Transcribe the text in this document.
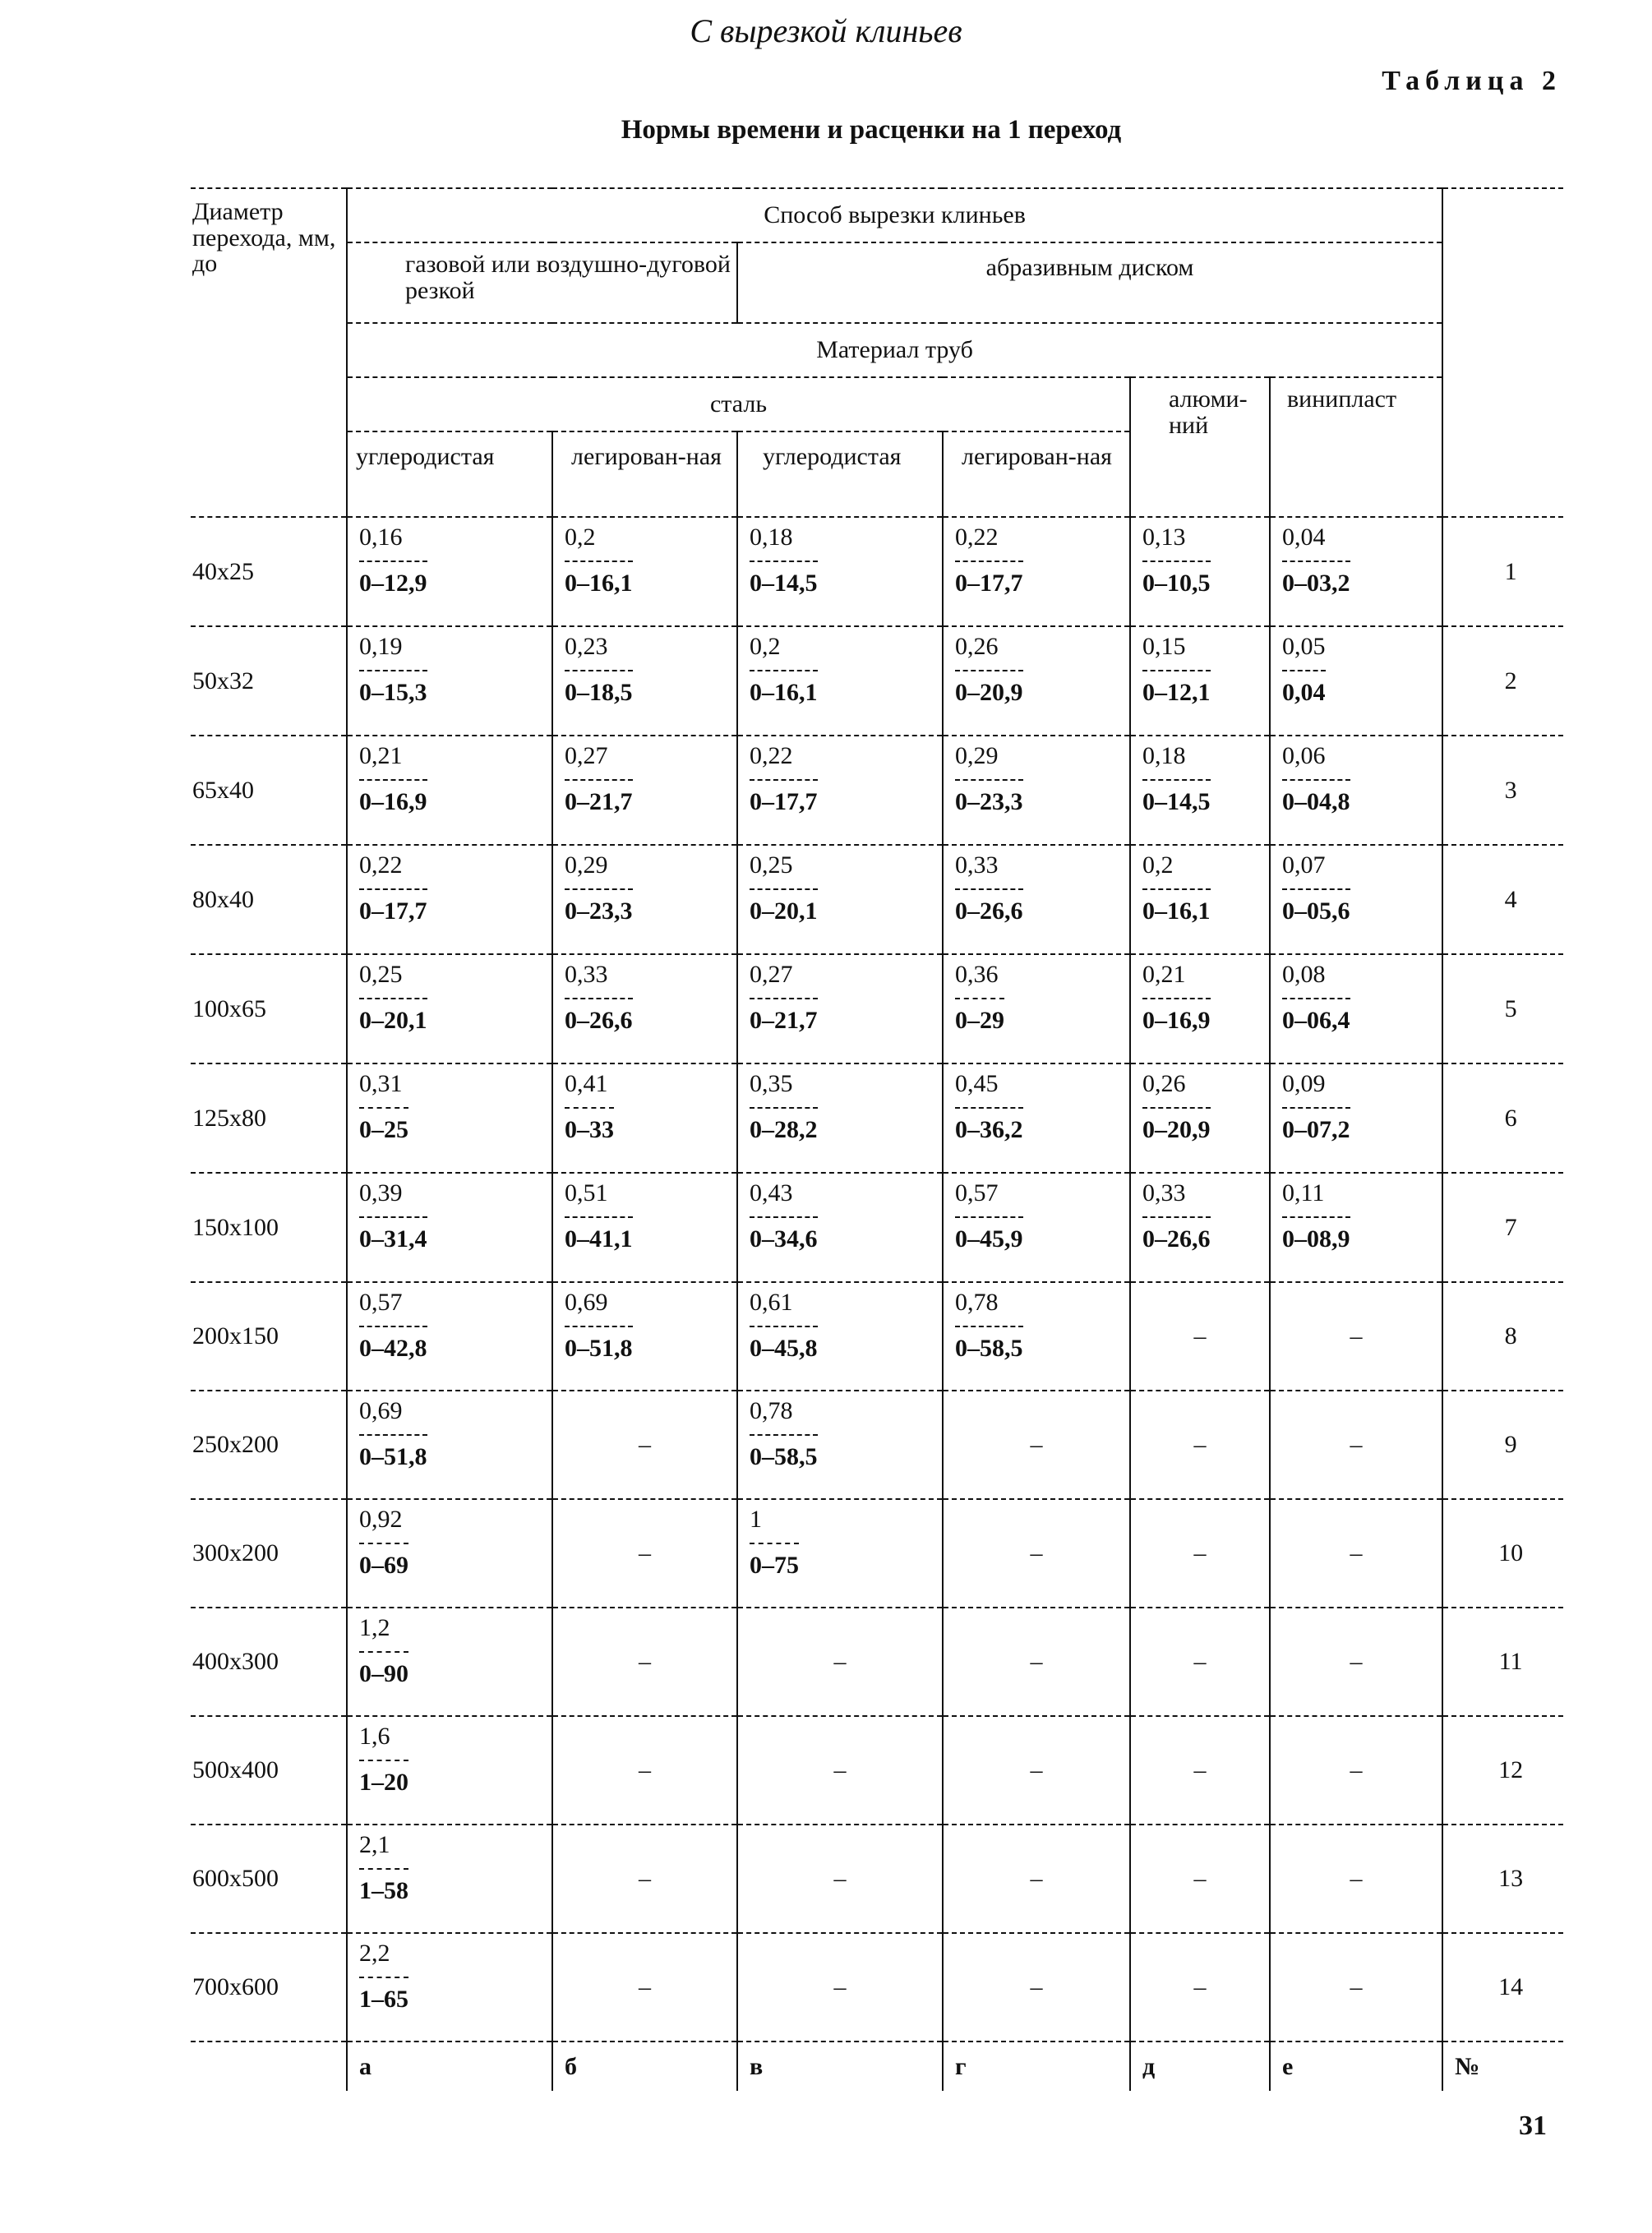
С вырезкой клиньев
Таблица 2
Нормы времени и расценки на 1 переход
Диаметр перехода, мм, до	Способ вырезки клиньев						
	газовой или воздушно-дуговой резкой		абразивным диском				
	Материал труб						
	сталь				алюми-ний	винипласт	
	углеродистая	легирован-ная	углеродистая	легирован-ная			
40x25	$\frac{0,16}{0-12,9}$	$\frac{0,2}{0-16,1}$	$\frac{0,18}{0-14,5}$	$\frac{0,22}{0-17,7}$	$\frac{0,13}{0-10,5}$	$\frac{0,04}{0-03,2}$	1
50x32	$\frac{0,19}{0-15,3}$	$\frac{0,23}{0-18,5}$	$\frac{0,2}{0-16,1}$	$\frac{0,26}{0-20,9}$	$\frac{0,15}{0-12,1}$	$\frac{0,05}{0,04}$	2
65x40	$\frac{0,21}{0-16,9}$	$\frac{0,27}{0-21,7}$	$\frac{0,22}{0-17,7}$	$\frac{0,29}{0-23,3}$	$\frac{0,18}{0-14,5}$	$\frac{0,06}{0-04,8}$	3
80x40	$\frac{0,22}{0-17,7}$	$\frac{0,29}{0-23,3}$	$\frac{0,25}{0-20,1}$	$\frac{0,33}{0-26,6}$	$\frac{0,2}{0-16,1}$	$\frac{0,07}{0-05,6}$	4
100x65	$\frac{0,25}{0-20,1}$	$\frac{0,33}{0-26,6}$	$\frac{0,27}{0-21,7}$	$\frac{0,36}{0-29}$	$\frac{0,21}{0-16,9}$	$\frac{0,08}{0-06,4}$	5
125x80	$\frac{0,31}{0-25}$	$\frac{0,41}{0-33}$	$\frac{0,35}{0-28,2}$	$\frac{0,45}{0-36,2}$	$\frac{0,26}{0-20,9}$	$\frac{0,09}{0-07,2}$	6
150x100	$\frac{0,39}{0-31,4}$	$\frac{0,51}{0-41,1}$	$\frac{0,43}{0-34,6}$	$\frac{0,57}{0-45,9}$	$\frac{0,33}{0-26,6}$	$\frac{0,11}{0-08,9}$	7
200x150	$\frac{0,57}{0-42,8}$	$\frac{0,69}{0-51,8}$	$\frac{0,61}{0-45,8}$	$\frac{0,78}{0-58,5}$	–	–	8
250x200	$\frac{0,69}{0-51,8}$	–	$\frac{0,78}{0-58,5}$	–	–	–	9
300x200	$\frac{0,92}{0-69}$	–	$\frac{1}{0-75}$	–	–	–	10
400x300	$\frac{1,2}{0-90}$	–	–	–	–	–	11
500x400	$\frac{1,6}{1-20}$	–	–	–	–	–	12
600x500	$\frac{2,1}{1-58}$	–	–	–	–	–	13
700x600	$\frac{2,2}{1-65}$	–	–	–	–	–	14
	а	б	в	г	д	е	№
31
